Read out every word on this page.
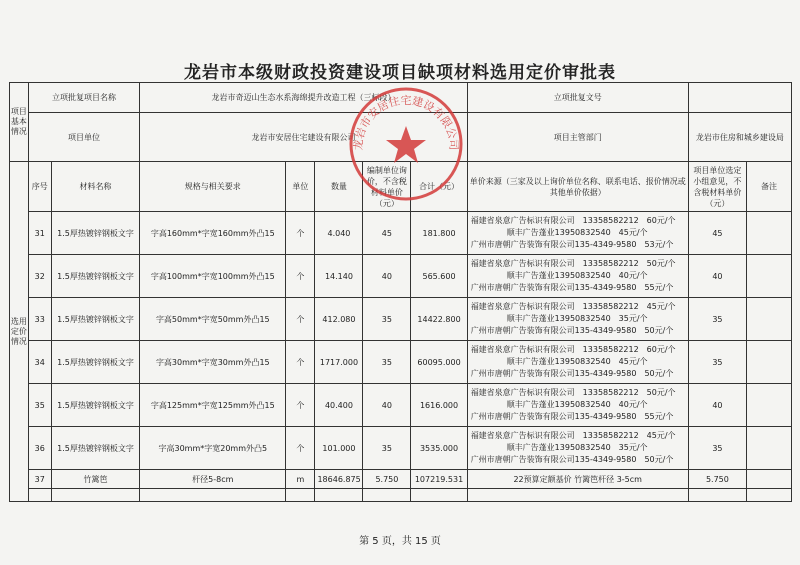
龙岩市本级财政投资建设项目缺项材料选用定价审批表
项目基本情况	立项批复项目名称		龙岩市奇迈山生态水系海绵提升改造工程（三标段）					立项批复文号		
	项目单位		龙岩市安居住宅建设有限公司					项目主管部门	龙岩市住房和城乡建设局	
选用定价情况	序号	材料名称	规格与相关要求	单位	数量	编制单位询价，不含税材料单价（元）	合计（元）	单价来源（三家及以上询价单位名称、联系电话、报价情况或其他单价依据）	项目单位选定小组意见，不含税材料单价（元）	备注
	31	1.5厚热镀锌钢板文字	字高160mm*字宽160mm外凸15	个	4.040	45	181.800	福建省泉意广告标识有限公司　13358582212　60元/个
顺丰广告蓬业13950832540　45元/个
广州市唐朝广告装饰有限公司135-4349-9580　53元/个	45	
	32	1.5厚热镀锌钢板文字	字高100mm*字宽100mm外凸15	个	14.140	40	565.600	福建省泉意广告标识有限公司　13358582212　50元/个
顺丰广告蓬业13950832540　40元/个
广州市唐朝广告装饰有限公司135-4349-9580　55元/个	40	
	33	1.5厚热镀锌钢板文字	字高50mm*字宽50mm外凸15	个	412.080	35	14422.800	福建省泉意广告标识有限公司　13358582212　45元/个
顺丰广告蓬业13950832540　35元/个
广州市唐朝广告装饰有限公司135-4349-9580　50元/个	35	
	34	1.5厚热镀锌钢板文字	字高30mm*字宽30mm外凸15	个	1717.000	35	60095.000	福建省泉意广告标识有限公司　13358582212　60元/个
顺丰广告蓬业13950832540　45元/个
广州市唐朝广告装饰有限公司135-4349-9580　50元/个	35	
	35	1.5厚热镀锌钢板文字	字高125mm*字宽125mm外凸15	个	40.400	40	1616.000	福建省泉意广告标识有限公司　13358582212　50元/个
顺丰广告蓬业13950832540　40元/个
广州市唐朝广告装饰有限公司135-4349-9580　55元/个	40	
	36	1.5厚热镀锌钢板文字	字高30mm*字宽20mm外凸5	个	101.000	35	3535.000	福建省泉意广告标识有限公司　13358582212　45元/个
顺丰广告蓬业13950832540　35元/个
广州市唐朝广告装饰有限公司135-4349-9580　50元/个	35	
	37	竹篱笆	杆径5-8cm	m	18646.875	5.750	107219.531	22预算定额基价 竹篱笆杆径 3-5cm	5.750	

龙岩市安居住宅建设有限公司
第 5 页，共 15 页
